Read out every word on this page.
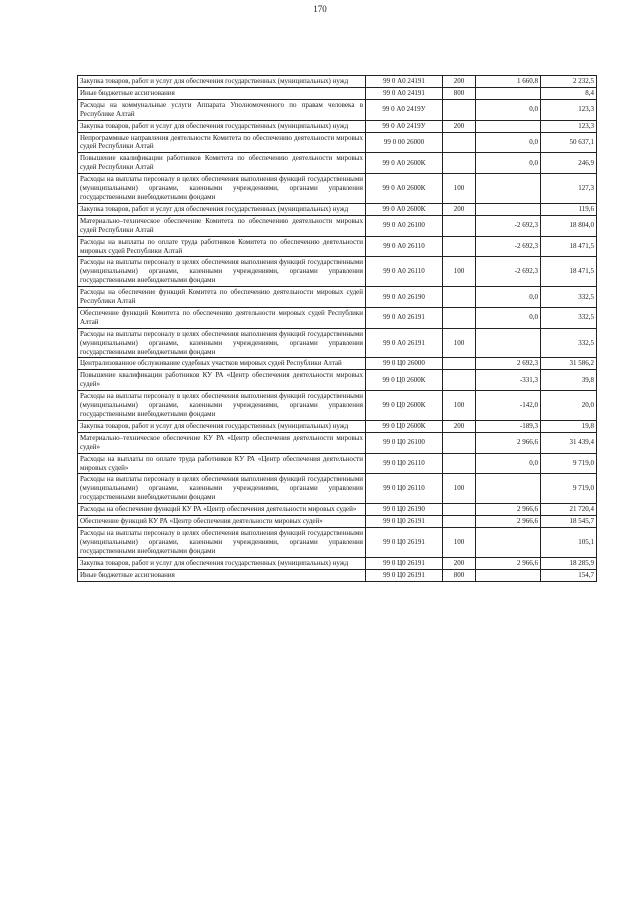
170
Закупка товаров, работ и услуг для обеспечения государственных (муниципальных) нужд	99 0 А0 24191	200	1 660,8	2 232,5
Иные бюджетные ассигнования	99 0 А0 24191	800		8,4
Расходы на коммунальные услуги Аппарата Уполномоченного по правам человека в Республике Алтай	99 0 А0 2419У		0,0	123,3
Закупка товаров, работ и услуг для обеспечения государственных (муниципальных) нужд	99 0 А0 2419У	200		123,3
Непрограммные направления деятельности Комитета по обеспечению деятельности мировых судей Республики Алтай	99 0 00 26000		0,0	50 637,1
Повышение квалификации работников Комитета по обеспечению деятельности мировых судей Республики Алтай	99 0 А0 2600К		0,0	246,9
Расходы на выплаты персоналу в целях обеспечения выполнения функций государственными (муниципальными) органами, казенными учреждениями, органами управления государственными внебюджетными фондами	99 0 А0 2600К	100		127,3
Закупка товаров, работ и услуг для обеспечения государственных (муниципальных) нужд	99 0 А0 2600К	200		119,6
Материально–техническое обеспечение Комитета по обеспечению деятельности мировых судей Республики Алтай	99 0 А0 26100		-2 692,3	18 804,0
Расходы на выплаты по оплате труда работников Комитета по обеспечению деятельности мировых судей Республики Алтай	99 0 А0 26110		-2 692,3	18 471,5
Расходы на выплаты персоналу в целях обеспечения выполнения функций государственными (муниципальными) органами, казенными учреждениями, органами управления государственными внебюджетными фондами	99 0 А0 26110	100	-2 692,3	18 471,5
Расходы на обеспечение функций Комитета по обеспечению деятельности мировых судей Республики Алтай	99 0 А0 26190		0,0	332,5
Обеспечение функций Комитета по обеспечению деятельности мировых судей Республики Алтай	99 0 А0 26191		0,0	332,5
Расходы на выплаты персоналу в целях обеспечения выполнения функций государственными (муниципальными) органами, казенными учреждениями, органами управления государственными внебюджетными фондами	99 0 А0 26191	100		332,5
Централизованное обслуживание судебных участков мировых судей Республики Алтай	99 0 Ц0 26000		2 692,3	31 586,2
Повышение квалификации работников КУ РА «Центр обеспечения деятельности мировых судей»	99 0 Ц0 2600К		-331,3	39,8
Расходы на выплаты персоналу в целях обеспечения выполнения функций государственными (муниципальными) органами, казенными учреждениями, органами управления государственными внебюджетными фондами	99 0 Ц0 2600К	100	-142,0	20,0
Закупка товаров, работ и услуг для обеспечения государственных (муниципальных) нужд	99 0 Ц0 2600К	200	-189,3	19,8
Материально–техническое обеспечение КУ РА «Центр обеспечения деятельности мировых судей»	99 0 Ц0 26100		2 966,6	31 439,4
Расходы на выплаты по оплате труда работников КУ РА «Центр обеспечения деятельности мировых судей»	99 0 Ц0 26110		0,0	9 719,0
Расходы на выплаты персоналу в целях обеспечения выполнения функций государственными (муниципальными) органами, казенными учреждениями, органами управления государственными внебюджетными фондами	99 0 Ц0 26110	100		9 719,0
Расходы на обеспечение функций КУ РА «Центр обеспечения деятельности мировых судей»	99 0 Ц0 26190		2 966,6	21 720,4
Обеспечение функций КУ РА «Центр обеспечения деятельности мировых судей»	99 0 Ц0 26191		2 966,6	18 545,7
Расходы на выплаты персоналу в целях обеспечения выполнения функций государственными (муниципальными) органами, казенными учреждениями, органами управления государственными внебюджетными фондами	99 0 Ц0 26191	100		105,1
Закупка товаров, работ и услуг для обеспечения государственных (муниципальных) нужд	99 0 Ц0 26191	200	2 966,6	18 285,9
Иные бюджетные ассигнования	99 0 Ц0 26191	800		154,7
